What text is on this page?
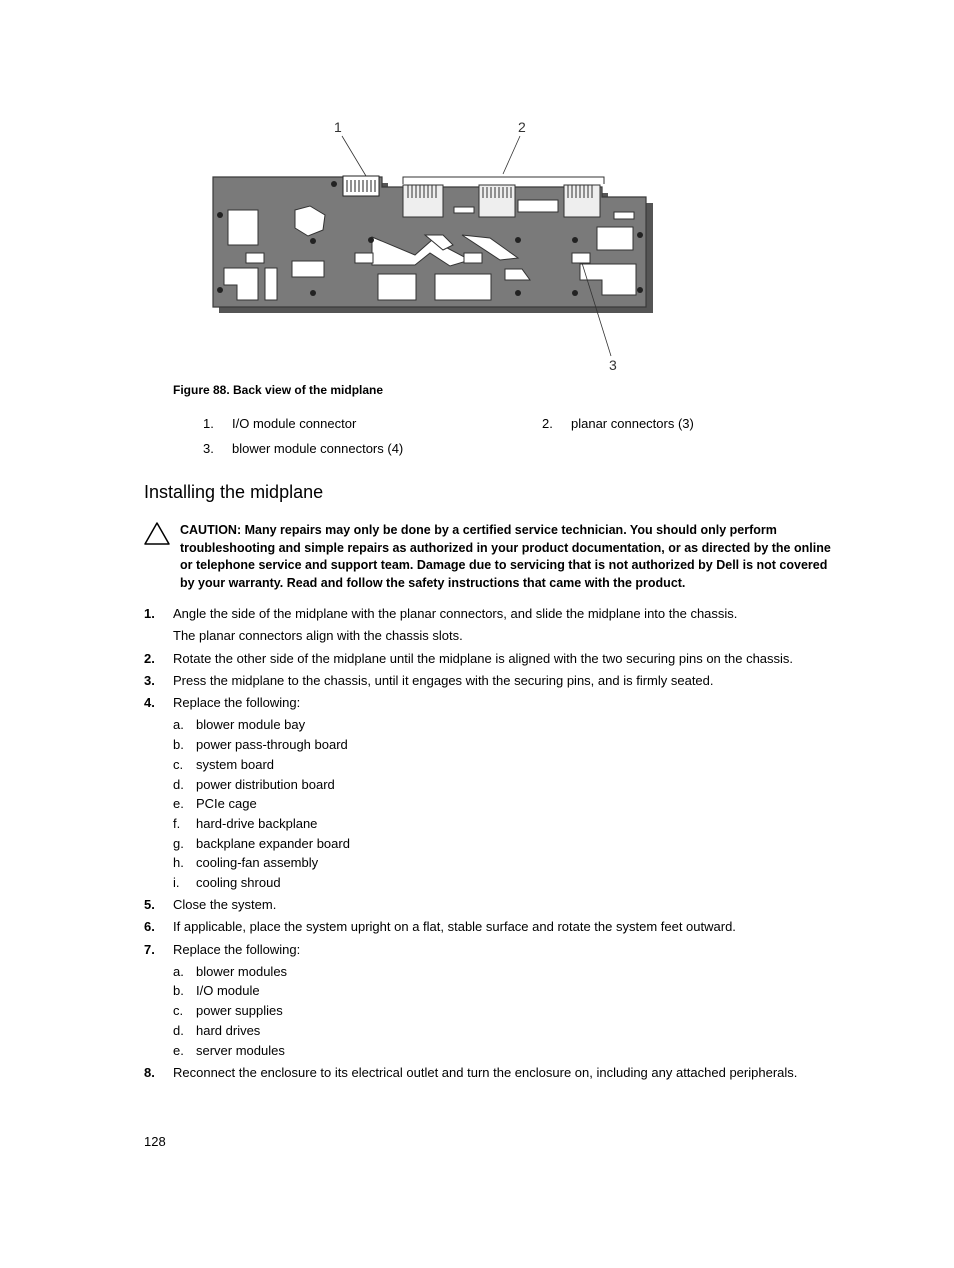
1	2
3
Figure 88. Back view of the midplane
1. I/O module connector	2. planar connectors (3)
3. blower module connectors (4)
Installing the midplane
CAUTION: Many repairs may only be done by a certified service technician. You should only perform troubleshooting and simple repairs as authorized in your product documentation, or as directed by the online or telephone service and support team. Damage due to servicing that is not authorized by Dell is not covered by your warranty. Read and follow the safety instructions that came with the product.
1. Angle the side of the midplane with the planar connectors, and slide the midplane into the chassis.
The planar connectors align with the chassis slots.
2. Rotate the other side of the midplane until the midplane is aligned with the two securing pins on the chassis.
3. Press the midplane to the chassis, until it engages with the securing pins, and is firmly seated.
4. Replace the following:
a. blower module bay
b. power pass-through board
c. system board
d. power distribution board
e. PCIe cage
f. hard-drive backplane
g. backplane expander board
h. cooling-fan assembly
i. cooling shroud
5. Close the system.
6. If applicable, place the system upright on a flat, stable surface and rotate the system feet outward.
7. Replace the following:
a. blower modules
b. I/O module
c. power supplies
d. hard drives
e. server modules
8. Reconnect the enclosure to its electrical outlet and turn the enclosure on, including any attached peripherals.
128
